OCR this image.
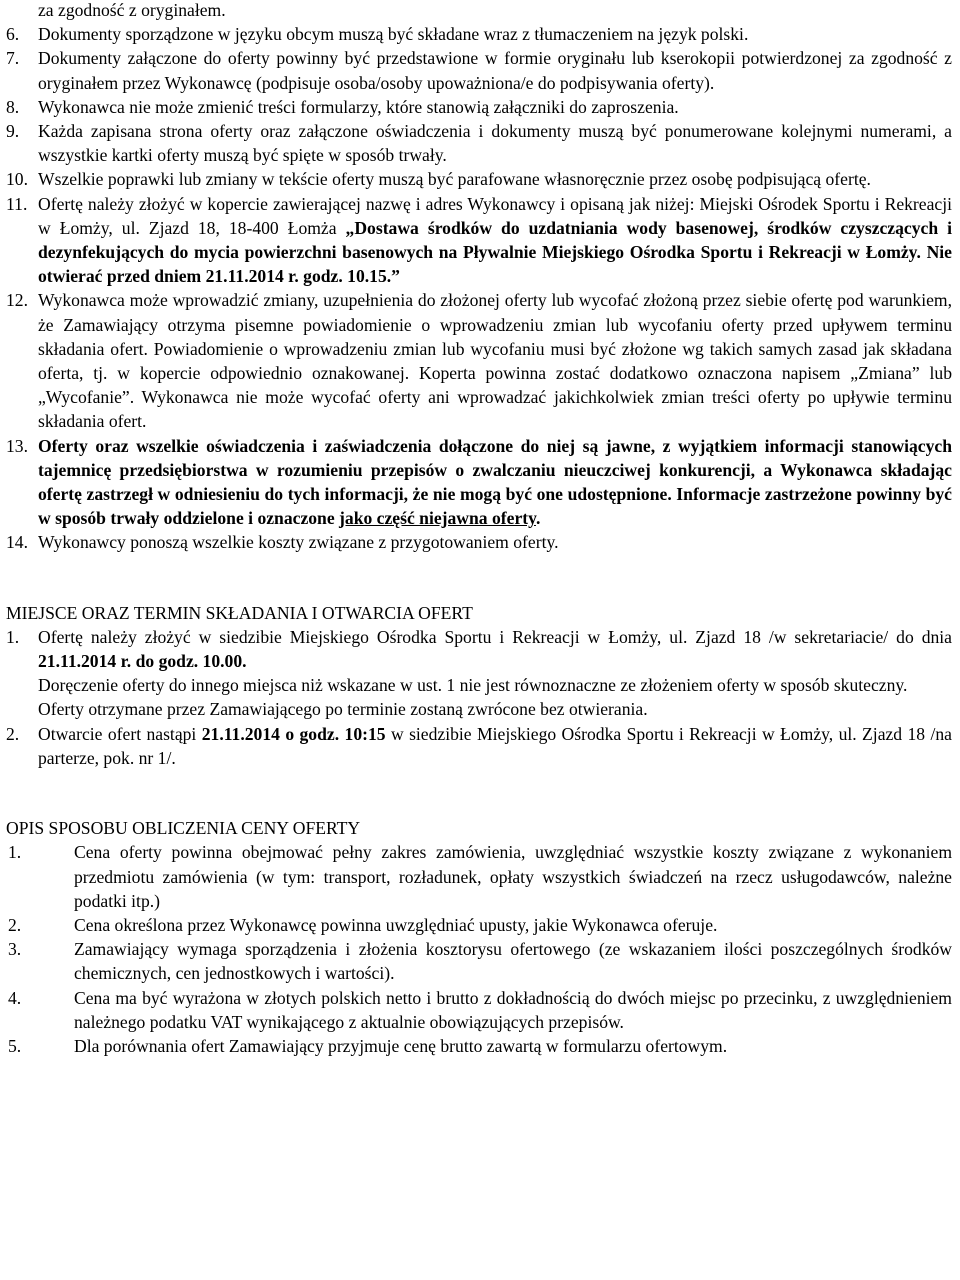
za zgodność z oryginałem.
6. Dokumenty sporządzone w języku obcym muszą być składane wraz z tłumaczeniem na język polski.
7. Dokumenty załączone do oferty powinny być przedstawione w formie oryginału lub kserokopii potwierdzonej za zgodność z oryginałem przez Wykonawcę (podpisuje osoba/osoby upoważniona/e do podpisywania oferty).
8. Wykonawca nie może zmienić treści formularzy, które stanowią załączniki do zaproszenia.
9. Każda zapisana strona oferty oraz załączone oświadczenia i dokumenty muszą być ponumerowane kolejnymi numerami, a wszystkie kartki oferty muszą być spięte w sposób trwały.
10. Wszelkie poprawki lub zmiany w tekście oferty muszą być parafowane własnoręcznie przez osobę podpisującą ofertę.
11. Ofertę należy złożyć w kopercie zawierającej nazwę i adres Wykonawcy i opisaną jak niżej: Miejski Ośrodek Sportu i Rekreacji w Łomży, ul. Zjazd 18, 18-400 Łomża „Dostawa środków do uzdatniania wody basenowej, środków czyszczących i dezynfekujących do mycia powierzchni basenowych na Pływalnie Miejskiego Ośrodka Sportu i Rekreacji w Łomży. Nie otwierać przed dniem 21.11.2014 r. godz. 10.15.”
12. Wykonawca może wprowadzić zmiany, uzupełnienia do złożonej oferty lub wycofać złożoną przez siebie ofertę pod warunkiem, że Zamawiający otrzyma pisemne powiadomienie o wprowadzeniu zmian lub wycofaniu oferty przed upływem terminu składania ofert. Powiadomienie o wprowadzeniu zmian lub wycofaniu musi być złożone wg takich samych zasad jak składana oferta, tj. w kopercie odpowiednio oznakowanej. Koperta powinna zostać dodatkowo oznaczona napisem „Zmiana” lub „Wycofanie”. Wykonawca nie może wycofać oferty ani wprowadzać jakichkolwiek zmian treści oferty po upływie terminu składania ofert.
13. Oferty oraz wszelkie oświadczenia i zaświadczenia dołączone do niej są jawne, z wyjątkiem informacji stanowiących tajemnicę przedsiębiorstwa w rozumieniu przepisów o zwalczaniu nieuczciwej konkurencji, a Wykonawca składając ofertę zastrzegł w odniesieniu do tych informacji, że nie mogą być one udostępnione. Informacje zastrzeżone powinny być w sposób trwały oddzielone i oznaczone jako część niejawna oferty.
14. Wykonawcy ponoszą wszelkie koszty związane z przygotowaniem oferty.
MIEJSCE ORAZ TERMIN SKŁADANIA I OTWARCIA OFERT
1. Ofertę należy złożyć w siedzibie Miejskiego Ośrodka Sportu i Rekreacji w Łomży, ul. Zjazd 18 /w sekretariacie/ do dnia 21.11.2014 r. do godz. 10.00.
Doręczenie oferty do innego miejsca niż wskazane w ust. 1 nie jest równoznaczne ze złożeniem oferty w sposób skuteczny.
Oferty otrzymane przez Zamawiającego po terminie zostaną zwrócone bez otwierania.
2. Otwarcie ofert nastąpi 21.11.2014 o godz. 10:15 w siedzibie Miejskiego Ośrodka Sportu i Rekreacji w Łomży, ul. Zjazd 18 /na parterze, pok. nr 1/.
OPIS SPOSOBU OBLICZENIA CENY OFERTY
1.	Cena oferty powinna obejmować pełny zakres zamówienia, uwzględniać wszystkie koszty związane z wykonaniem przedmiotu zamówienia (w tym: transport, rozładunek, opłaty wszystkich świadczeń na rzecz usługodawców, należne podatki itp.)
2.	Cena określona przez Wykonawcę powinna uwzględniać upusty, jakie Wykonawca oferuje.
3.	Zamawiający wymaga sporządzenia i złożenia kosztorysu ofertowego (ze wskazaniem ilości poszczególnych środków chemicznych, cen jednostkowych i wartości).
4.	Cena ma być wyrażona w złotych polskich netto i brutto z dokładnością do dwóch miejsc po przecinku, z uwzględnieniem należnego podatku VAT wynikającego z aktualnie obowiązujących przepisów.
5.	Dla porównania ofert Zamawiający przyjmuje cenę brutto zawartą w formularzu ofertowym.
